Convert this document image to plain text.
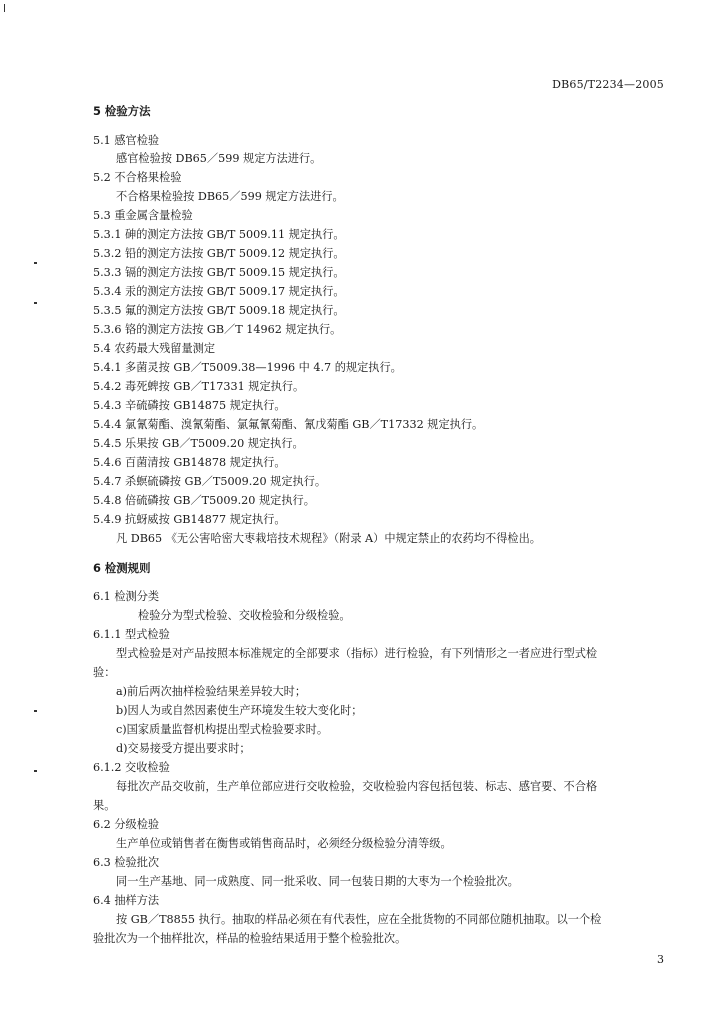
DB65/T2234—2005
5 检验方法
5.1 感官检验
感官检验按 DB65／599 规定方法进行。
5.2 不合格果检验
不合格果检验按 DB65／599 规定方法进行。
5.3 重金属含量检验
5.3.1 砷的测定方法按 GB/T 5009.11 规定执行。
5.3.2 铅的测定方法按 GB/T 5009.12 规定执行。
5.3.3 镉的测定方法按 GB/T 5009.15 规定执行。
5.3.4 汞的测定方法按 GB/T 5009.17 规定执行。
5.3.5 氟的测定方法按 GB/T 5009.18 规定执行。
5.3.6 铬的测定方法按 GB／T 14962 规定执行。
5.4 农药最大残留量测定
5.4.1 多菌灵按 GB／T5009.38—1996 中 4.7 的规定执行。
5.4.2 毒死蜱按 GB／T17331 规定执行。
5.4.3 辛硫磷按 GB14875 规定执行。
5.4.4 氯氰菊酯、溴氰菊酯、氯氟氰菊酯、氰戊菊酯 GB／T17332 规定执行。
5.4.5 乐果按 GB／T5009.20 规定执行。
5.4.6 百菌清按 GB14878 规定执行。
5.4.7 杀螟硫磷按 GB／T5009.20 规定执行。
5.4.8 倍硫磷按 GB／T5009.20 规定执行。
5.4.9 抗蚜威按 GB14877 规定执行。
凡 DB65 《无公害哈密大枣栽培技术规程》（附录 A）中规定禁止的农药均不得检出。
6 检测规则
6.1 检测分类
检验分为型式检验、交收检验和分级检验。
6.1.1 型式检验
型式检验是对产品按照本标准规定的全部要求（指标）进行检验，有下列情形之一者应进行型式检
验：
a)前后两次抽样检验结果差异较大时；
b)因人为或自然因素使生产环境发生较大变化时；
c)国家质量监督机构提出型式检验要求时。
d)交易接受方提出要求时；
6.1.2 交收检验
每批次产品交收前，生产单位部应进行交收检验，交收检验内容包括包装、标志、感官要、不合格
果。
6.2 分级检验
生产单位或销售者在衡售或销售商品时，必须经分级检验分清等级。
6.3 检验批次
同一生产基地、同一成熟度、同一批采收、同一包装日期的大枣为一个检验批次。
6.4 抽样方法
按 GB／T8855 执行。抽取的样品必须在有代表性，应在全批货物的不同部位随机抽取。以一个检
验批次为一个抽样批次，样品的检验结果适用于整个检验批次。
3
